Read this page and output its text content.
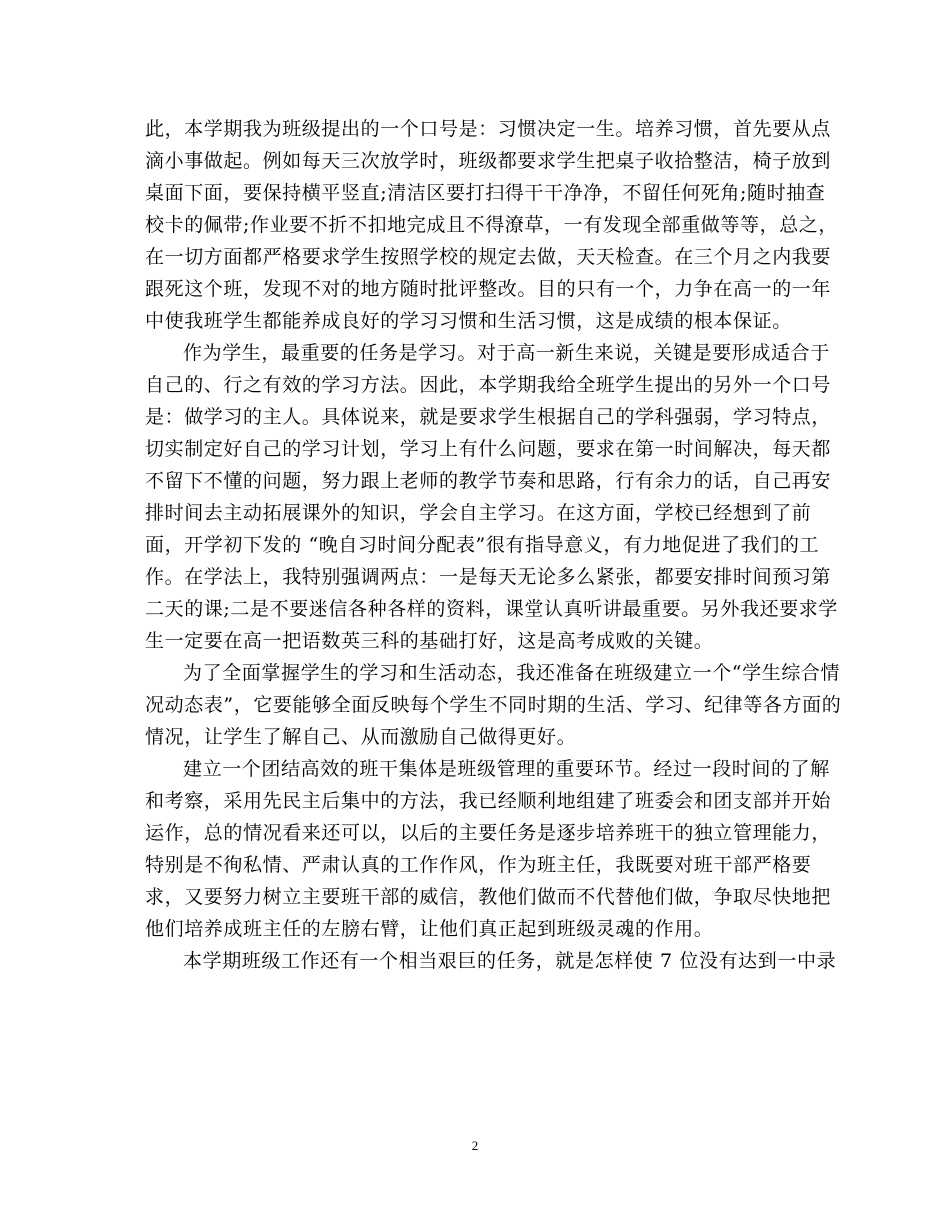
此，本学期我为班级提出的一个口号是：习惯决定一生。培养习惯，首先要从点
滴小事做起。例如每天三次放学时，班级都要求学生把桌子收拾整洁，椅子放到
桌面下面，要保持横平竖直;清洁区要打扫得干干净净，不留任何死角;随时抽查
校卡的佩带;作业要不折不扣地完成且不得潦草，一有发现全部重做等等，总之，
在一切方面都严格要求学生按照学校的规定去做，天天检查。在三个月之内我要
跟死这个班，发现不对的地方随时批评整改。目的只有一个，力争在高一的一年
中使我班学生都能养成良好的学习习惯和生活习惯，这是成绩的根本保证。
作为学生，最重要的任务是学习。对于高一新生来说，关键是要形成适合于
自己的、行之有效的学习方法。因此，本学期我给全班学生提出的另外一个口号
是：做学习的主人。具体说来，就是要求学生根据自己的学科强弱，学习特点，
切实制定好自己的学习计划，学习上有什么问题，要求在第一时间解决，每天都
不留下不懂的问题，努力跟上老师的教学节奏和思路，行有余力的话，自己再安
排时间去主动拓展课外的知识，学会自主学习。在这方面，学校已经想到了前
面，开学初下发的 “晚自习时间分配表”很有指导意义，有力地促进了我们的工
作。在学法上，我特别强调两点：一是每天无论多么紧张，都要安排时间预习第
二天的课;二是不要迷信各种各样的资料，课堂认真听讲最重要。另外我还要求学
生一定要在高一把语数英三科的基础打好，这是高考成败的关键。
为了全面掌握学生的学习和生活动态，我还准备在班级建立一个“学生综合情
况动态表”，它要能够全面反映每个学生不同时期的生活、学习、纪律等各方面的
情况，让学生了解自己、从而激励自己做得更好。
建立一个团结高效的班干集体是班级管理的重要环节。经过一段时间的了解
和考察，采用先民主后集中的方法，我已经顺利地组建了班委会和团支部并开始
运作，总的情况看来还可以，以后的主要任务是逐步培养班干的独立管理能力，
特别是不徇私情、严肃认真的工作作风，作为班主任，我既要对班干部严格要
求，又要努力树立主要班干部的威信，教他们做而不代替他们做，争取尽快地把
他们培养成班主任的左膀右臂，让他们真正起到班级灵魂的作用。
本学期班级工作还有一个相当艰巨的任务，就是怎样使 7 位没有达到一中录
2
